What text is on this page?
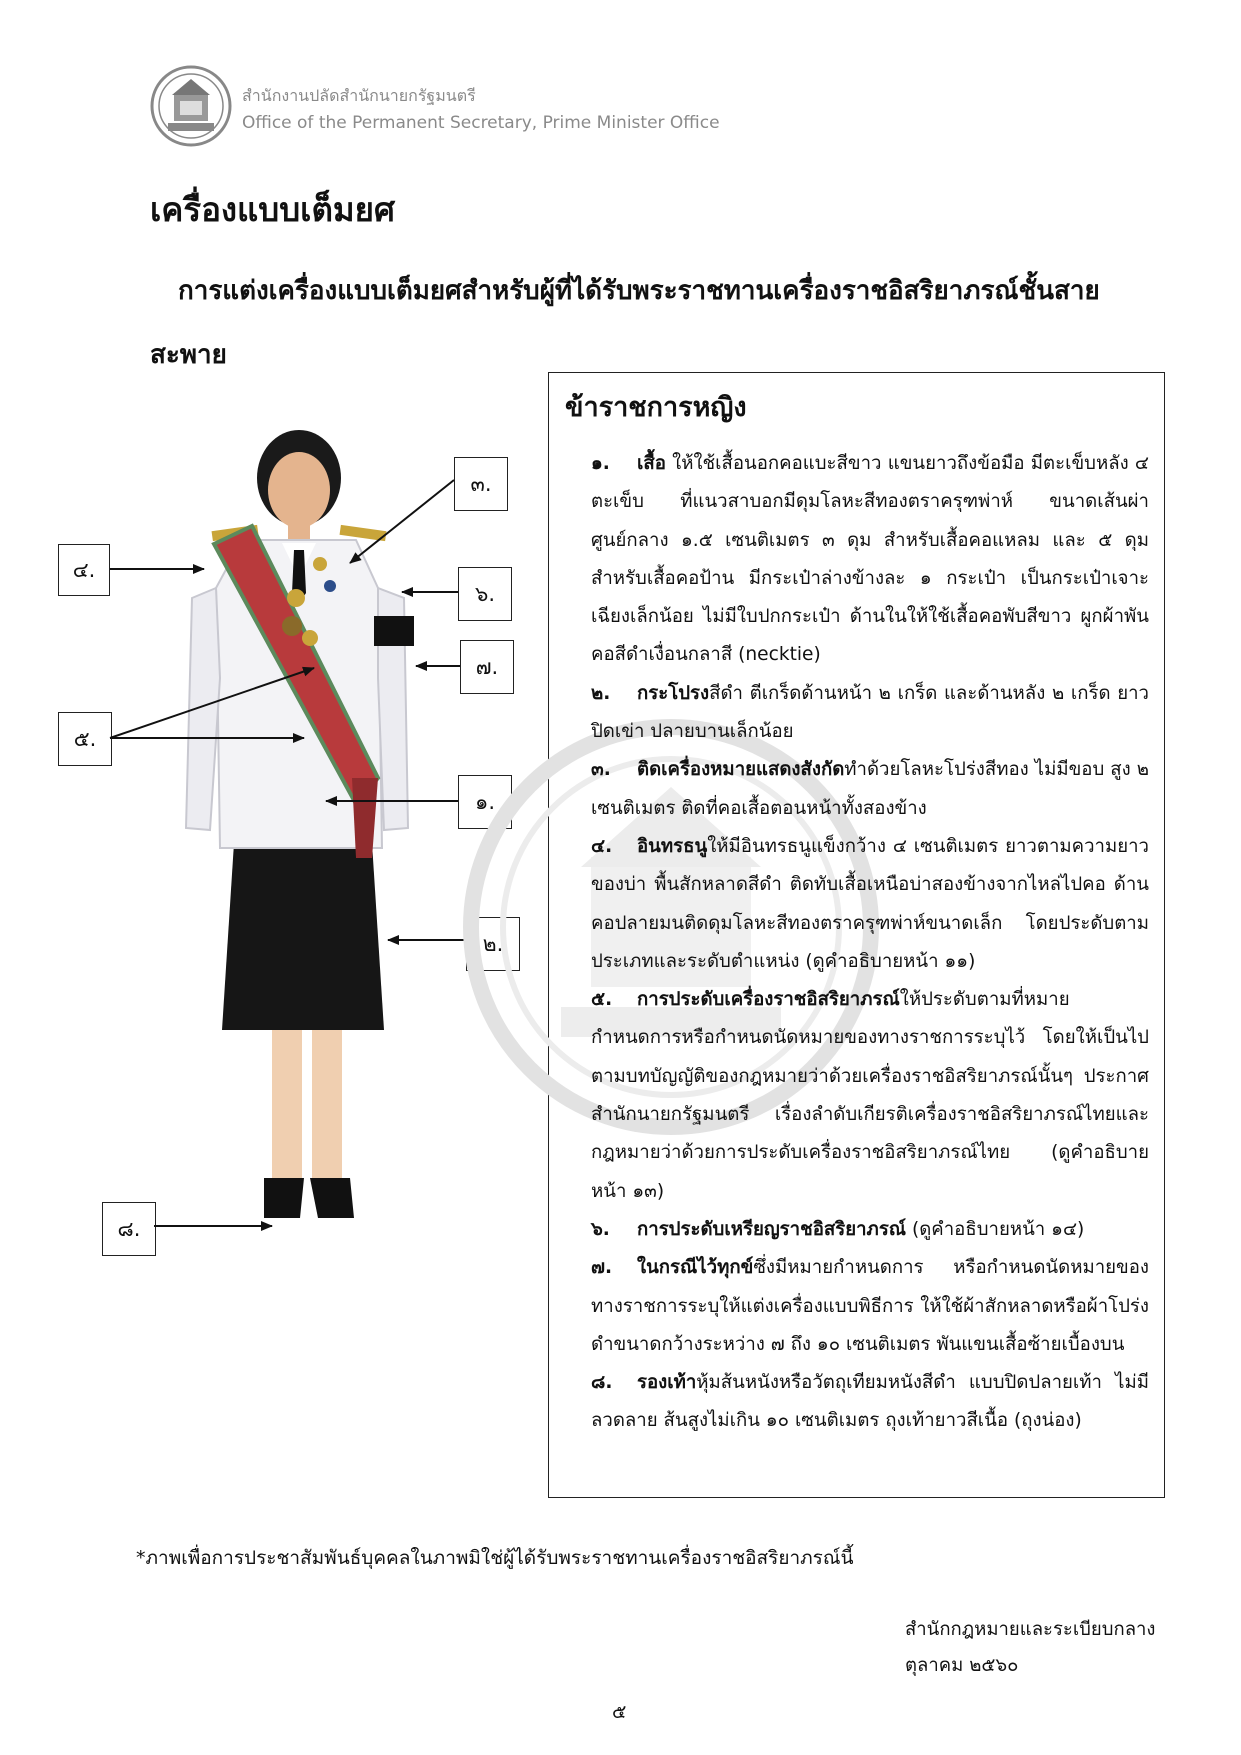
สำนักงานปลัดสำนักนายกรัฐมนตรี
Office of the Permanent Secretary, Prime Minister Office
เครื่องแบบเต็มยศ
การแต่งเครื่องแบบเต็มยศสำหรับผู้ที่ได้รับพระราชทานเครื่องราชอิสริยาภรณ์ชั้นสายสะพาย
๓.
๔.
๖.
๗.
๕.
๑.
๒.
๘.
ข้าราชการหญิง

๑. เสื้อ ให้ใช้เสื้อนอกคอแบะสีขาว แขนยาวถึงข้อมือ มีตะเข็บหลัง ๔ ตะเข็บ ที่แนวสาบอกมีดุมโลหะสีทองตราครุฑพ่าห์ ขนาดเส้นผ่าศูนย์กลาง ๑.๕ เซนติเมตร ๓ ดุม สำหรับเสื้อคอแหลม และ ๕ ดุมสำหรับเสื้อคอป้าน มีกระเป๋าล่างข้างละ ๑ กระเป๋า เป็นกระเป๋าเจาะเฉียงเล็กน้อย ไม่มีใบปกกระเป๋า ด้านในให้ใช้เสื้อคอพับสีขาว ผูกผ้าพันคอสีดำเงื่อนกลาสี (necktie)

๒. กระโปรงสีดำ ตีเกร็ดด้านหน้า ๒ เกร็ด และด้านหลัง ๒ เกร็ด ยาวปิดเข่า ปลายบานเล็กน้อย

๓. ติดเครื่องหมายแสดงสังกัดทำด้วยโลหะโปร่งสีทอง ไม่มีขอบ สูง ๒ เซนติเมตร ติดที่คอเสื้อตอนหน้าทั้งสองข้าง

๔. อินทรธนูให้มีอินทรธนูแข็งกว้าง ๔ เซนติเมตร ยาวตามความยาวของบ่า พื้นสักหลาดสีดำ ติดทับเสื้อเหนือบ่าสองข้างจากไหล่ไปคอ ด้านคอปลายมนติดดุมโลหะสีทองตราครุฑพ่าห์ขนาดเล็ก โดยประดับตามประเภทและระดับตำแหน่ง (ดูคำอธิบายหน้า ๑๑)

๕. การประดับเครื่องราชอิสริยาภรณ์ให้ประดับตามที่หมายกำหนดการหรือกำหนดนัดหมายของทางราชการระบุไว้ โดยให้เป็นไปตามบทบัญญัติของกฎหมายว่าด้วยเครื่องราชอิสริยาภรณ์นั้นๆ ประกาศสำนักนายกรัฐมนตรี เรื่องลำดับเกียรติเครื่องราชอิสริยาภรณ์ไทยและกฎหมายว่าด้วยการประดับเครื่องราชอิสริยาภรณ์ไทย (ดูคำอธิบายหน้า ๑๓)

๖. การประดับเหรียญราชอิสริยาภรณ์ (ดูคำอธิบายหน้า ๑๔)

๗. ในกรณีไว้ทุกข์ซึ่งมีหมายกำหนดการ หรือกำหนดนัดหมายของทางราชการระบุให้แต่งเครื่องแบบพิธีการ ให้ใช้ผ้าสักหลาดหรือผ้าโปร่งดำขนาดกว้างระหว่าง ๗ ถึง ๑๐ เซนติเมตร พันแขนเสื้อซ้ายเบื้องบน

๘. รองเท้าหุ้มส้นหนังหรือวัตถุเทียมหนังสีดำ แบบปิดปลายเท้า ไม่มีลวดลาย ส้นสูงไม่เกิน ๑๐ เซนติเมตร ถุงเท้ายาวสีเนื้อ (ถุงน่อง)

*ภาพเพื่อการประชาสัมพันธ์บุคคลในภาพมิใช่ผู้ได้รับพระราชทานเครื่องราชอิสริยาภรณ์นี้
สำนักกฎหมายและระเบียบกลาง
ตุลาคม ๒๕๖๐
๕
